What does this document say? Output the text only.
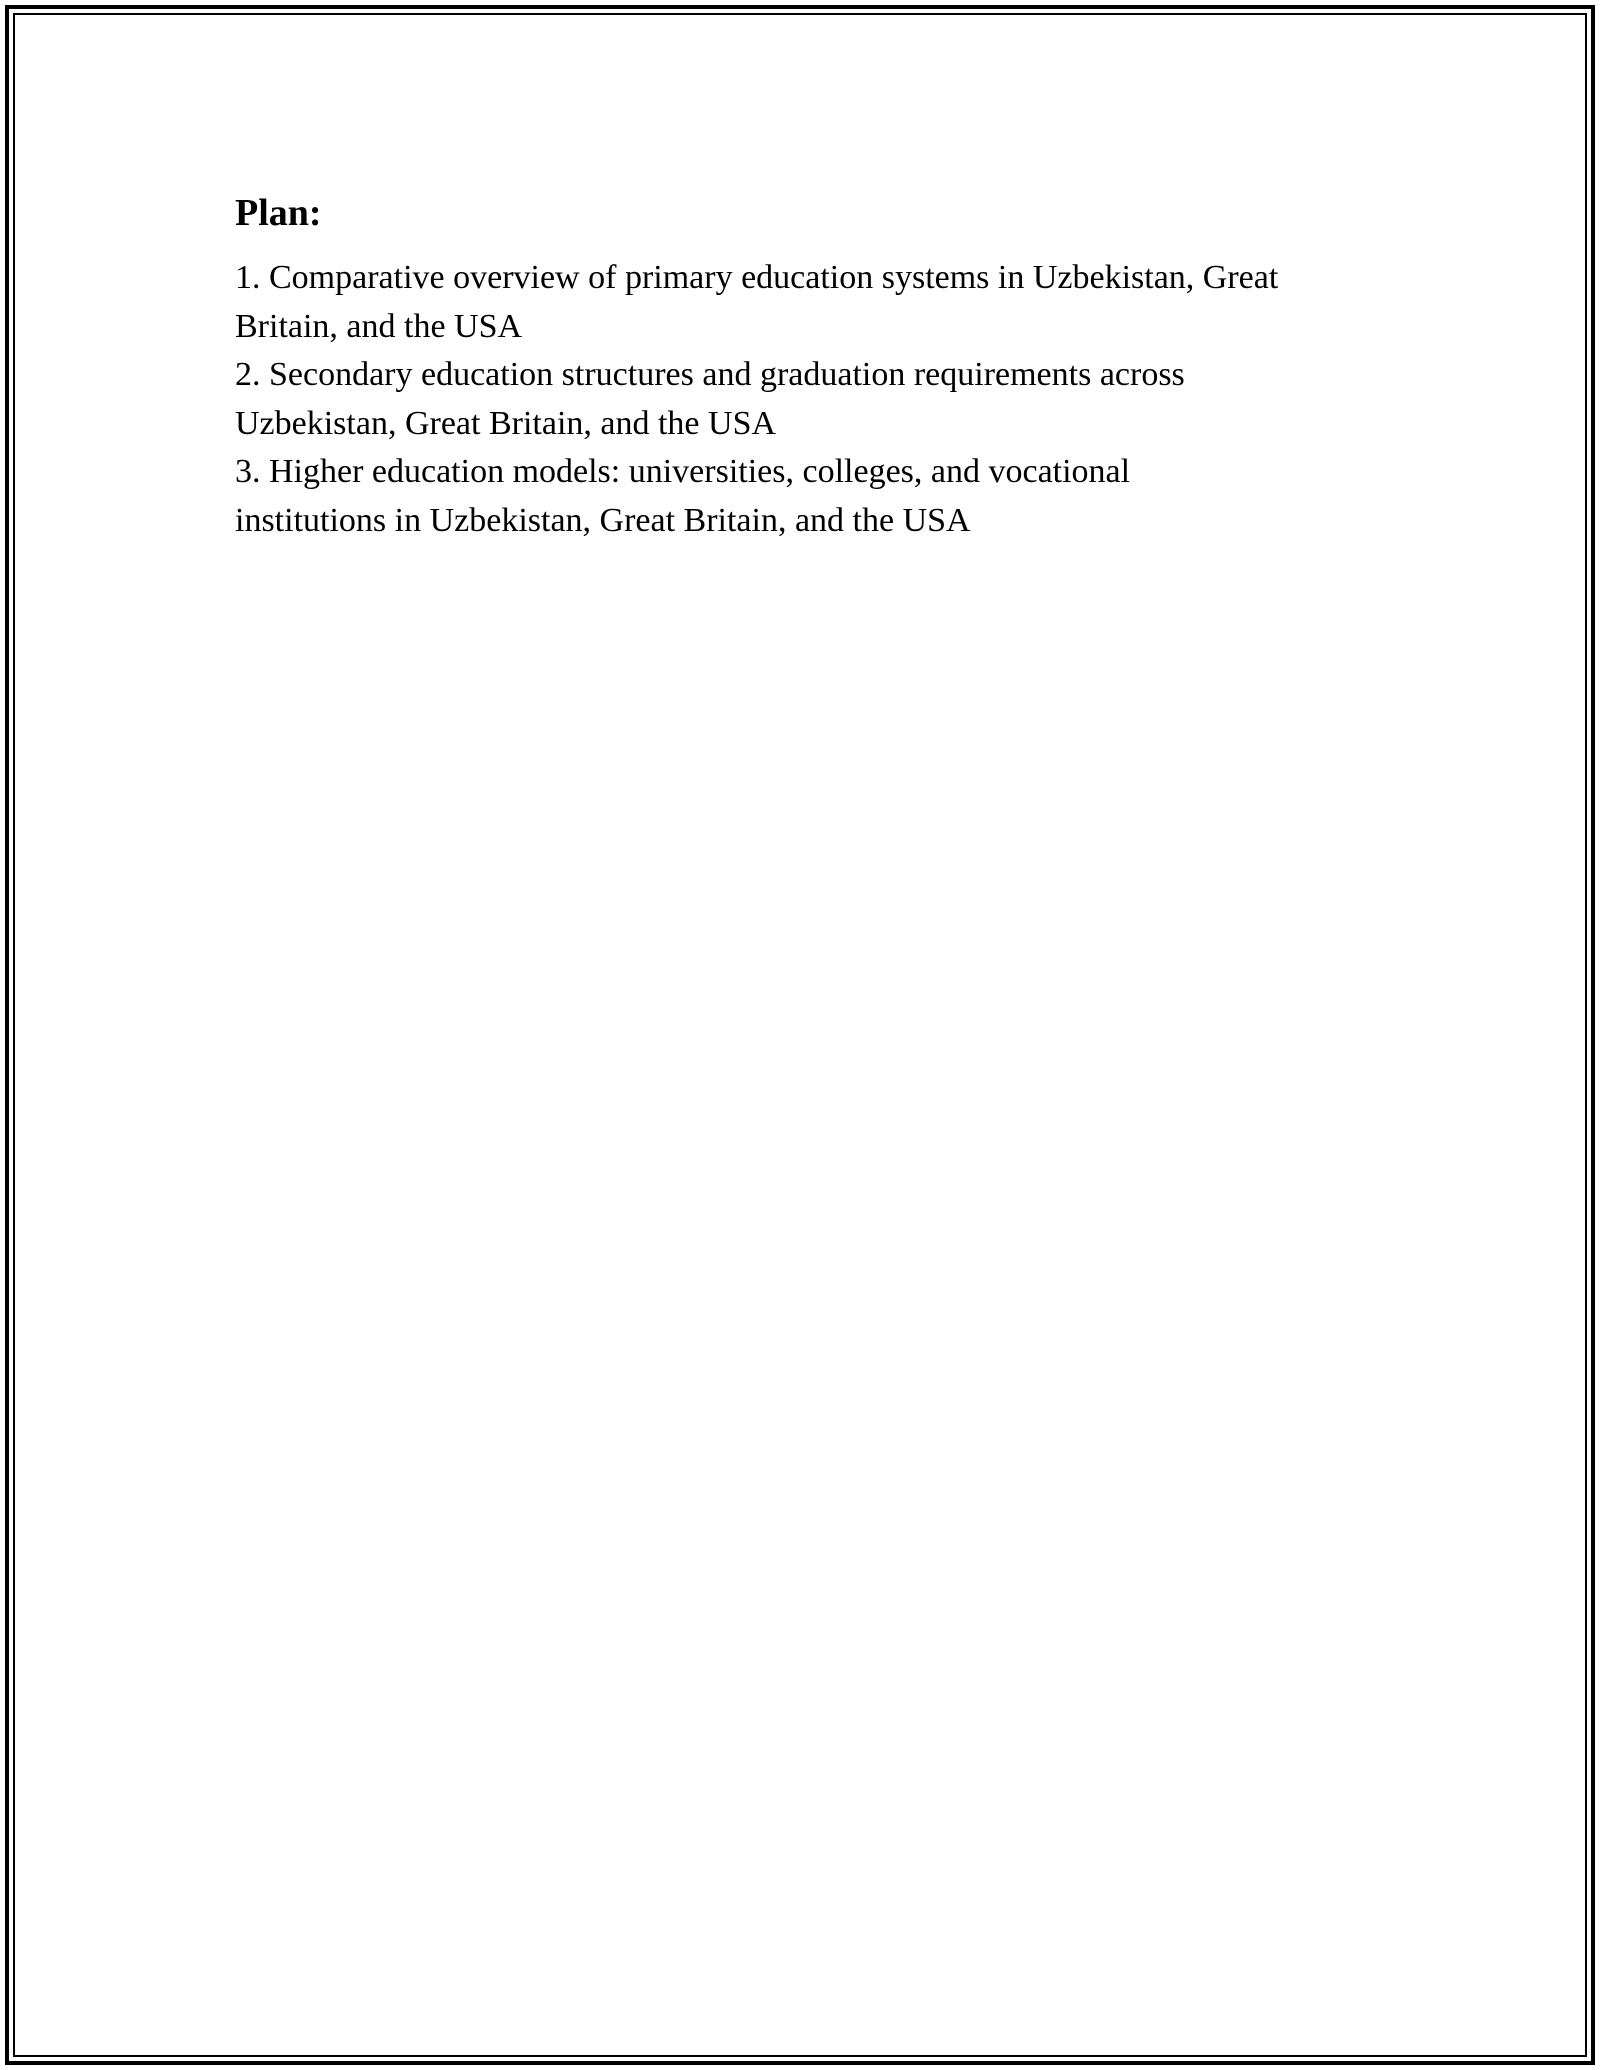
Plan:
1. Comparative overview of primary education systems in Uzbekistan, Great
Britain, and the USA
2. Secondary education structures and graduation requirements across
Uzbekistan, Great Britain, and the USA
3. Higher education models: universities, colleges, and vocational
institutions in Uzbekistan, Great Britain, and the USA
